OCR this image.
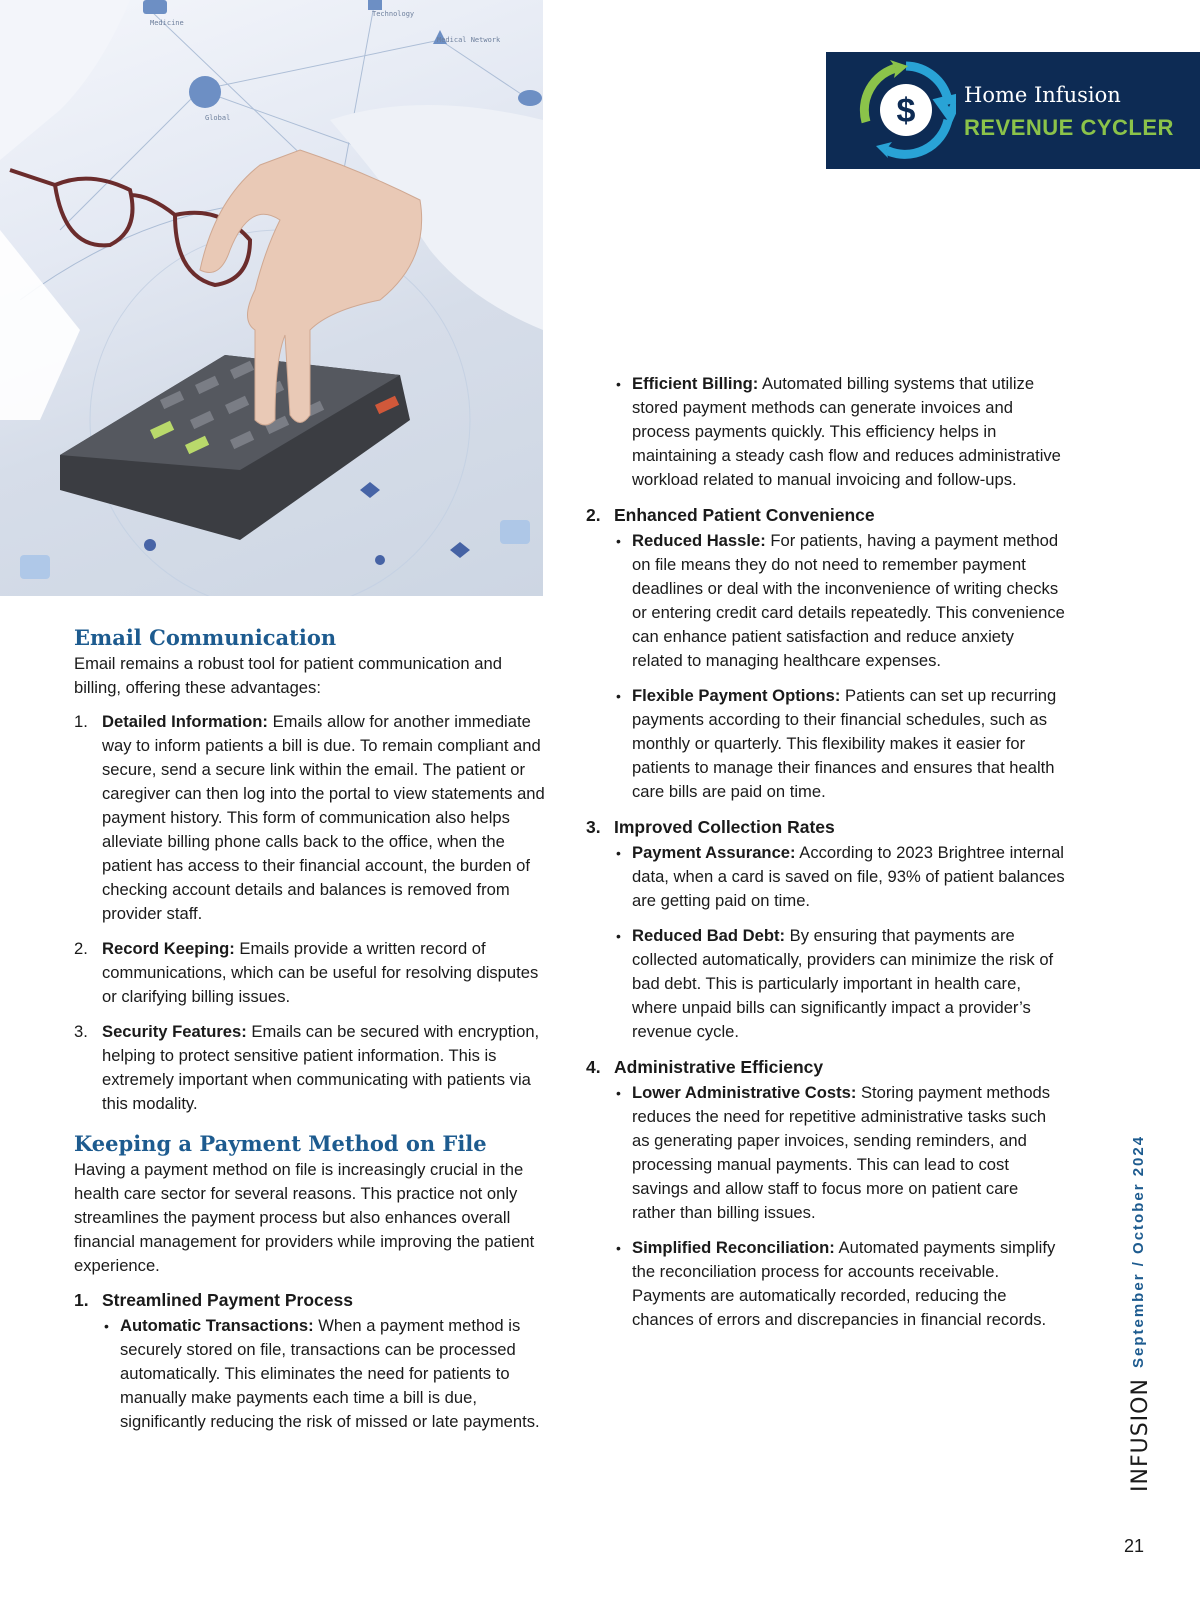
Medicine
Technology
Medical Network
Global	$ Home Infusion
REVENUE CYCLER
Email Communication

Email remains a robust tool for patient communication and billing, offering these advantages:

1. Detailed Information: Emails allow for another immediate way to inform patients a bill is due. To remain compliant and secure, send a secure link within the email. The patient or caregiver can then log into the portal to view statements and payment history. This form of communication also helps alleviate billing phone calls back to the office, when the patient has access to their financial account, the burden of checking account details and balances is removed from provider staff.
2. Record Keeping: Emails provide a written record of communications, which can be useful for resolving disputes or clarifying billing issues.
3. Security Features: Emails can be secured with encryption, helping to protect sensitive patient information. This is extremely important when communicating with patients via this modality.
Keeping a Payment Method on File

Having a payment method on file is increasingly crucial in the health care sector for several reasons. This practice not only streamlines the payment process but also enhances overall financial management for providers while improving the patient experience.

1. Streamlined Payment Process
• Automatic Transactions: When a payment method is securely stored on file, transactions can be processed automatically. This eliminates the need for patients to manually make payments each time a bill is due, significantly reducing the risk of missed or late payments.
• Efficient Billing: Automated billing systems that utilize stored payment methods can generate invoices and process payments quickly. This efficiency helps in maintaining a steady cash flow and reduces administrative workload related to manual invoicing and follow-ups.
2. Enhanced Patient Convenience
• Reduced Hassle: For patients, having a payment method on file means they do not need to remember payment deadlines or deal with the inconvenience of writing checks or entering credit card details repeatedly. This convenience can enhance patient satisfaction and reduce anxiety related to managing healthcare expenses.
• Flexible Payment Options: Patients can set up recurring payments according to their financial schedules, such as monthly or quarterly. This flexibility makes it easier for patients to manage their finances and ensures that health care bills are paid on time.
3. Improved Collection Rates
• Payment Assurance: According to 2023 Brightree internal data, when a card is saved on file, 93% of patient balances are getting paid on time.
• Reduced Bad Debt: By ensuring that payments are collected automatically, providers can minimize the risk of bad debt. This is particularly important in health care, where unpaid bills can significantly impact a provider’s revenue cycle.
4. Administrative Efficiency
• Lower Administrative Costs: Storing payment methods reduces the need for repetitive administrative tasks such as generating paper invoices, sending reminders, and processing manual payments. This can lead to cost savings and allow staff to focus more on patient care rather than billing issues.
• Simplified Reconciliation: Automated payments simplify the reconciliation process for accounts receivable. Payments are automatically recorded, reducing the chances of errors and discrepancies in financial records.	September / October 2024
INFUSION
21
